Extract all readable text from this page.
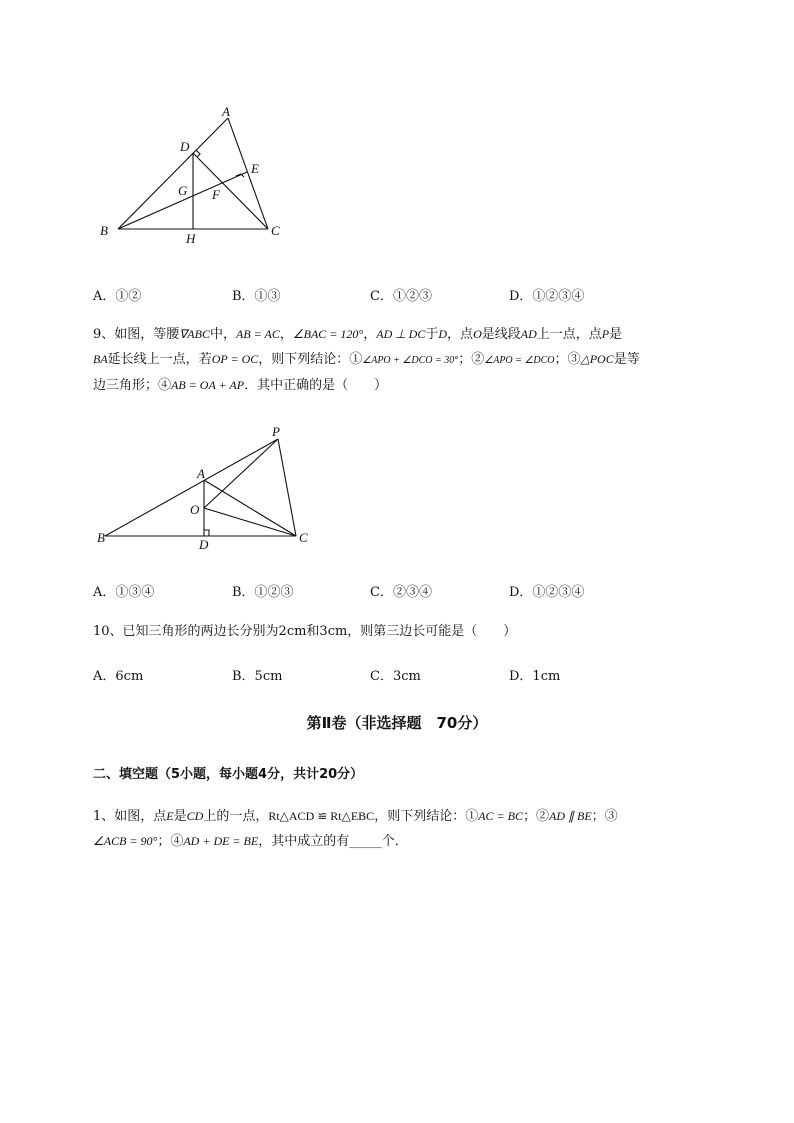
A
B	C
D
E
F
G
H
A．①②	B．①③	C．①②③	D．①②③④
9、如图，等腰∇ABC中，AB = AC，∠BAC = 120°，AD ⊥ DC于D，点O是线段AD上一点，点P是
BA延长线上一点，若OP = OC，则下列结论：①∠APO + ∠DCO = 30°；②∠APO = ∠DCO；③△POC是等
边三角形；④AB = OA + AP．其中正确的是（　　）
P
A
O
B	D	C
A．①③④	B．①②③	C．②③④	D．①②③④
10、已知三角形的两边长分别为2cm和3cm，则第三边长可能是（　　）
A．6cm	B．5cm	C．3cm	D．1cm
第Ⅱ卷（非选择题　70分）
二、填空题（5小题，每小题4分，共计20分）
1、如图，点E是CD上的一点，Rt△ACD ≌ Rt△EBC，则下列结论：①AC = BC；②AD ∥ BE；③
∠ACB = 90°；④AD + DE = BE，其中成立的有_____个．
